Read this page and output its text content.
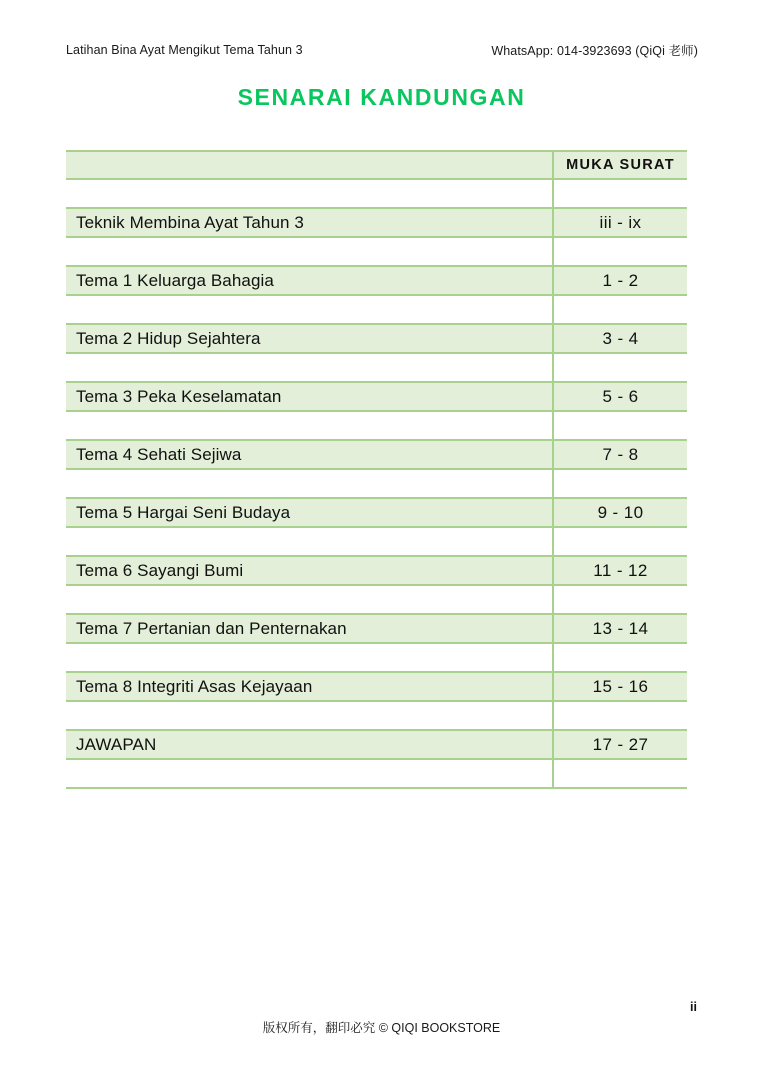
Latihan Bina Ayat Mengikut Tema Tahun 3	WhatsApp: 014-3923693 (QiQi 老师)
SENARAI KANDUNGAN
	MUKA SURAT

Teknik Membina Ayat Tahun 3	iii - ix

Tema 1 Keluarga Bahagia	1 - 2

Tema 2 Hidup Sejahtera	3 - 4

Tema 3 Peka Keselamatan	5 - 6

Tema 4 Sehati Sejiwa	7 - 8

Tema 5 Hargai Seni Budaya	9 - 10

Tema 6 Sayangi Bumi	11 - 12

Tema 7 Pertanian dan Penternakan	13 - 14

Tema 8 Integriti Asas Kejayaan	15 - 16

JAWAPAN	17 - 27

ii
版权所有，翻印必究 © QIQI BOOKSTORE
